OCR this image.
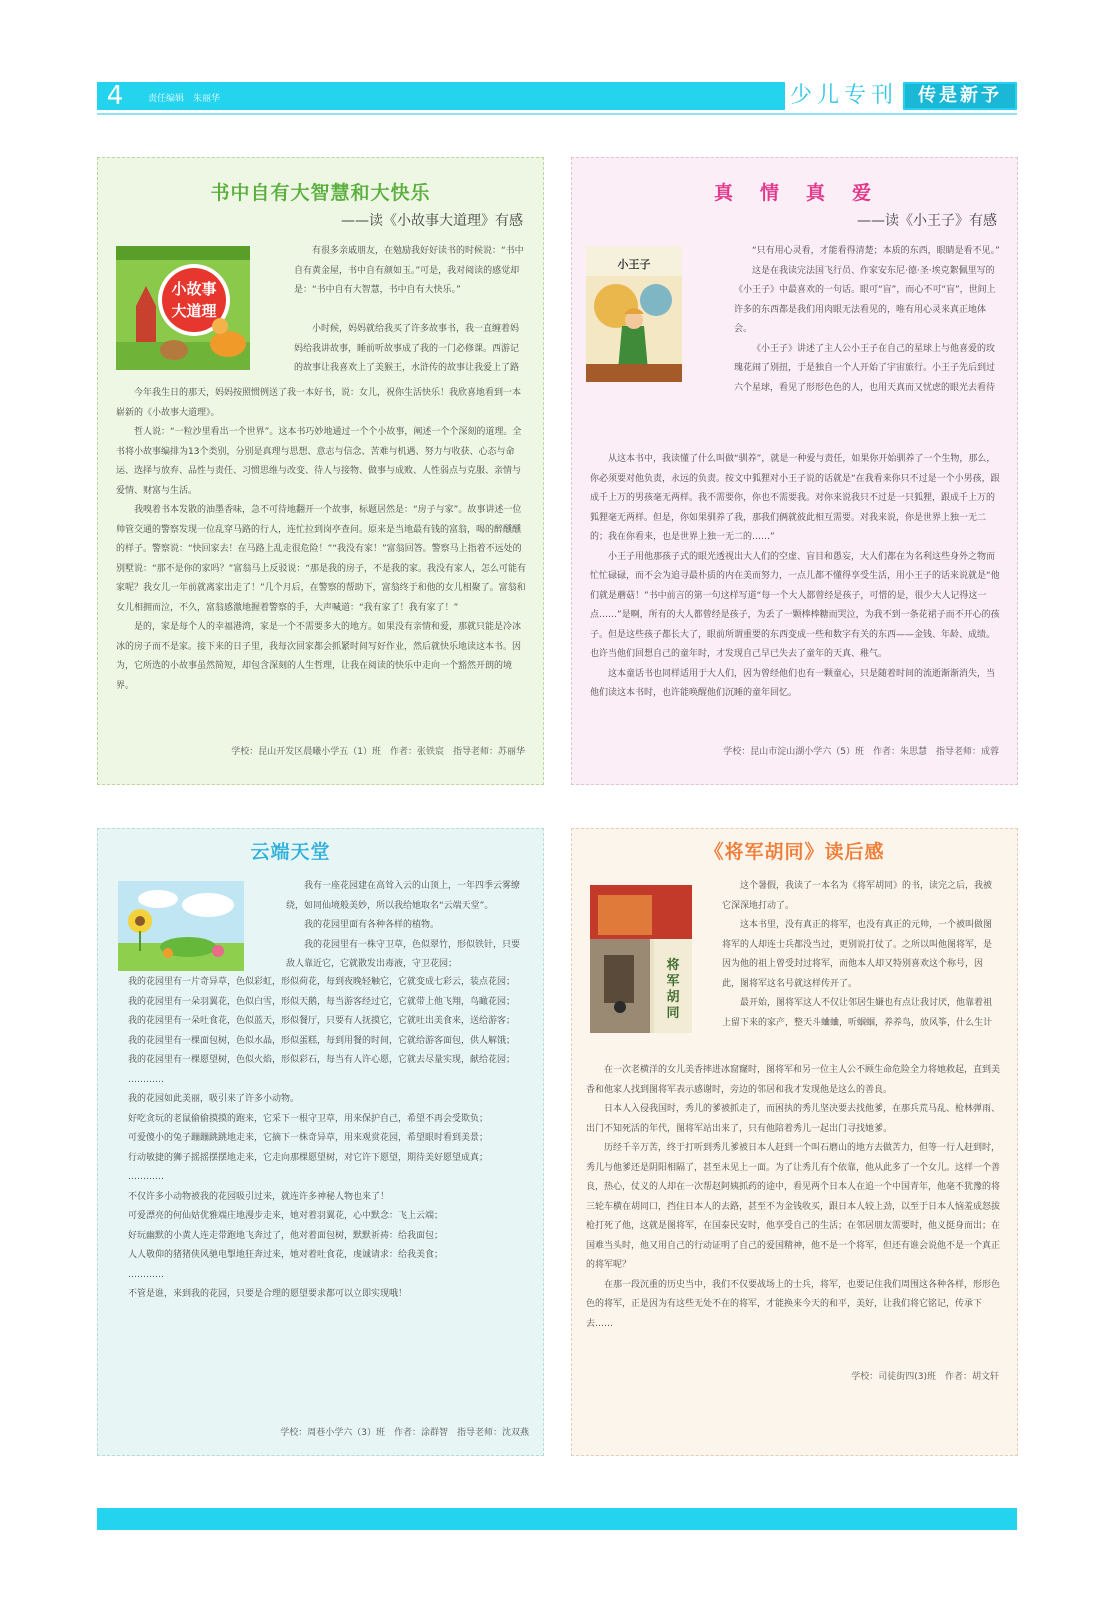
4	责任编辑　朱丽华	少儿专刊	传是新予
书中自有大智慧和大快乐
——读《小故事大道理》有感
小故事
大道理

有很多亲戚朋友，在勉励我好好读书的时候说：“书中自有黄金屋，书中自有颜如玉。”可是，我对阅读的感觉却是：“书中自有大智慧，书中自有大快乐。”

小时候，妈妈就给我买了许多故事书，我一直缠着妈妈给我讲故事，睡前听故事成了我的一门必修课。西游记的故事让我喜欢上了美猴王，水浒传的故事让我爱上了路

今年我生日的那天，妈妈按照惯例送了我一本好书，说：女儿，祝你生活快乐！我欣喜地看到一本崭新的《小故事大道理》。

哲人说：“一粒沙里看出一个世界”。这本书巧妙地通过一个个小故事，阐述一个个深刻的道理。全书将小故事编排为13个类别，分别是真理与思想、意志与信念、苦难与机遇、努力与收获、心态与命运、选择与放弃、品性与责任、习惯思维与改变、待人与接物、做事与成败、人性弱点与克服、亲情与爱情、财富与生活。

我嗅着书本发散的油墨香味，急不可待地翻开一个故事，标题居然是：“房子与家”。故事讲述一位帅管交通的警察发现一位乱穿马路的行人，连忙拉到岗亭查问。原来是当地最有钱的富翁，喝的醉醺醺的样子。警察说：“快回家去！在马路上乱走很危险！”“我没有家！”富翁回答。警察马上指着不远处的别墅说：“那不是你的家吗？”富翁马上反驳说：“那是我的房子，不是我的家。我没有家人，怎么可能有家呢？我女儿一年前就离家出走了！”几个月后，在警察的帮助下，富翁终于和他的女儿相聚了。富翁和女儿相拥而泣，不久，富翁感激地握着警察的手，大声喊道：“我有家了！我有家了！”

是的，家是每个人的幸福港湾，家是一个不需要多大的地方。如果没有亲情和爱，那就只能是冷冰冰的房子而不是家。接下来的日子里，我每次回家都会抓紧时间写好作业，然后就快乐地读这本书。因为，它所选的小故事虽然简短，却包含深刻的人生哲理，让我在阅读的快乐中走向一个豁然开朗的境界。

学校：昆山开发区晨曦小学五（1）班　作者：张铁宸　指导老师：苏丽华
真　情　真　爱
——读《小王子》有感
小王子

“只有用心灵看，才能看得清楚；本质的东西，眼睛是看不见。”

这是在我读完法国飞行员、作家安东尼·德·圣·埃克絮佩里写的《小王子》中最喜欢的一句话。眼可“盲”，而心不可“盲”，世间上许多的东西都是我们用肉眼无法看见的，唯有用心灵来真正地体会。

《小王子》讲述了主人公小王子在自己的星球上与他喜爱的玫瑰花闹了别扭，于是独自一个人开始了宇宙旅行。小王子先后到过六个星球，看见了形形色色的人，也用天真而又忧虑的眼光去看待

从这本书中，我读懂了什么叫做“驯养”，就是一种爱与责任，如果你开始驯养了一个生物，那么，你必须要对他负责，永远的负责。按文中狐狸对小王子说的话就是“在我看来你只不过是一个小男孩，跟成千上万的男孩毫无两样。我不需要你，你也不需要我。对你来说我只不过是一只狐狸，跟成千上万的狐狸毫无两样。但是，你如果驯养了我，那我们俩就彼此相互需要。对我来说，你是世界上独一无二的；我在你看来，也是世界上独一无二的……”

小王子用他那孩子式的眼光透视出大人们的空虚、盲目和愚妄，大人们都在为名利这些身外之物而忙忙碌碌，而不会为追寻最朴质的内在美而努力，一点儿都不懂得享受生活，用小王子的话来说就是“他们就是蘑菇！”书中前言的第一句这样写道“每一个大人都曾经是孩子，可惜的是，很少大人记得这一点……”是啊，所有的大人都曾经是孩子，为丢了一颗棒棒糖而哭泣，为我不到一条花裙子而不开心的孩子。但是这些孩子都长大了，眼前所谓重要的东西变成一些和数字有关的东西——金钱、年龄、成绩。也许当他们回想自己的童年时，才发现自己早已失去了童年的天真、稚气。

这本童话书也同样适用于大人们，因为曾经他们也有一颗童心，只是随着时间的流逝渐渐消失，当他们读这本书时，也许能唤醒他们沉睡的童年回忆。

学校：昆山市淀山湖小学六（5）班　作者：朱思慧　指导老师：成蓉
云端天堂

我有一座花园建在高耸入云的山顶上，一年四季云雾缭绕，如同仙境般美妙，所以我给她取名“云端天堂”。

我的花园里面有各种各样的植物。

我的花园里有一株守卫草，色似翠竹，形似铁针，只要敌人靠近它，它就散发出毒液，守卫花园；

我的花园里有一片奇异草，色似彩虹，形似荷花，每到夜晚轻触它，它就变成七彩云，装点花园；

我的花园里有一朵羽翼花，色似白雪，形似天鹅，每当游客经过它，它就带上他飞翔，鸟瞰花园；

我的花园里有一朵吐食花，色似蓝天，形似餐厅，只要有人抚摸它，它就吐出美食来，送给游客；

我的花园里有一棵面包树，色似水晶，形似蛋糕，每到用餐的时间，它就给游客面包，供人解饿；

我的花园里有一棵愿望树，色似火焰，形似彩石，每当有人许心愿，它就去尽量实现，献给花园；

…………

我的花园如此美丽，吸引来了许多小动物。

好吃贪玩的老鼠偷偷摸摸的跑来，它采下一根守卫草，用来保护自己，希望不再会受欺负；

可爱傻小的兔子蹦蹦跳跳地走来，它摘下一株奇异草，用来观赏花园，希望眼时看到美景；

行动敏捷的狮子摇摇摆摆地走来，它走向那棵愿望树，对它许下愿望，期待美好愿望成真；

…………

不仅许多小动物被我的花园吸引过来，就连许多神秘人物也来了！

可爱漂亮的何仙姑优雅端庄地漫步走来，她对着羽翼花，心中默念：飞上云端；

好玩幽默的小黄人连走带跑地飞奔过了，他对着面包树，默默祈祷：给我面包；

人人敬仰的猪猪侠风驰电掣地狂奔过来，她对着吐食花，虔诚请求：给我美食；

…………

不管是谁，来到我的花园，只要是合理的愿望要求都可以立即实现哦！

学校：周巷小学六（3）班　作者：涂群智　指导老师：沈双燕
《将军胡同》读后感
将
军
胡
同

这个暑假，我读了一本名为《将军胡同》的书，读完之后，我被它深深地打动了。

这本书里，没有真正的将军，也没有真正的元帅，一个被叫做图将军的人却连士兵都没当过，更别说打仗了。之所以叫他图将军，是因为他的祖上曾受封过将军，而他本人却又特别喜欢这个称号，因此，图将军这名号就这样传开了。

最开始，图将军这人不仅让邻居生嫌也有点让我讨厌，他靠着祖上留下来的家产，整天斗蛐蛐，听蝈蝈，养养鸟，放风筝，什么生计

在一次老横洋的女儿美香摔进冰窟窿时，图将军和另一位主人公不顾生命危险全力将她救起，直到美香和他家人找到图将军表示感谢时，旁边的邻居和我才发现他是这么的善良。

日本人入侵我国时，秀儿的爹被抓走了，而困执的秀儿坚决要去找他爹，在那兵荒马乱、枪林弹雨、出门不知死活的年代，图将军站出来了，只有他陪着秀儿一起出门寻找她爹。

历经千辛万苦，终于打听到秀儿爹被日本人赶到一个叫石磨山的地方去做苦力，但等一行人赶到时，秀儿与他爹还是阴阳相隔了，甚至未见上一面。为了让秀儿有个依靠，他从此多了一个女儿。这样一个善良，热心，仗义的人却在一次帮赵阿姨抓药的途中，看见两个日本人在追一个中国青年，他毫不犹豫的将三轮车横在胡同口，挡住日本人的去路，甚至不为金钱收买，跟日本人较上劲，以至于日本人恼羞成怒拔枪打死了他，这就是图将军，在国泰民安时，他享受自己的生活；在邻居朋友需要时，他义挺身而出；在国难当头时，他又用自己的行动证明了自己的爱国精神，他不是一个将军，但还有谁会说他不是一个真正的将军呢？

在那一段沉重的历史当中，我们不仅要战场上的士兵，将军，也要记住我们周围这各种各样，形形色色的将军，正是因为有这些无处不在的将军，才能换来今天的和平，美好，让我们将它铭记，传承下去……

学校：司徒街四(3)班　作者：胡文轩
